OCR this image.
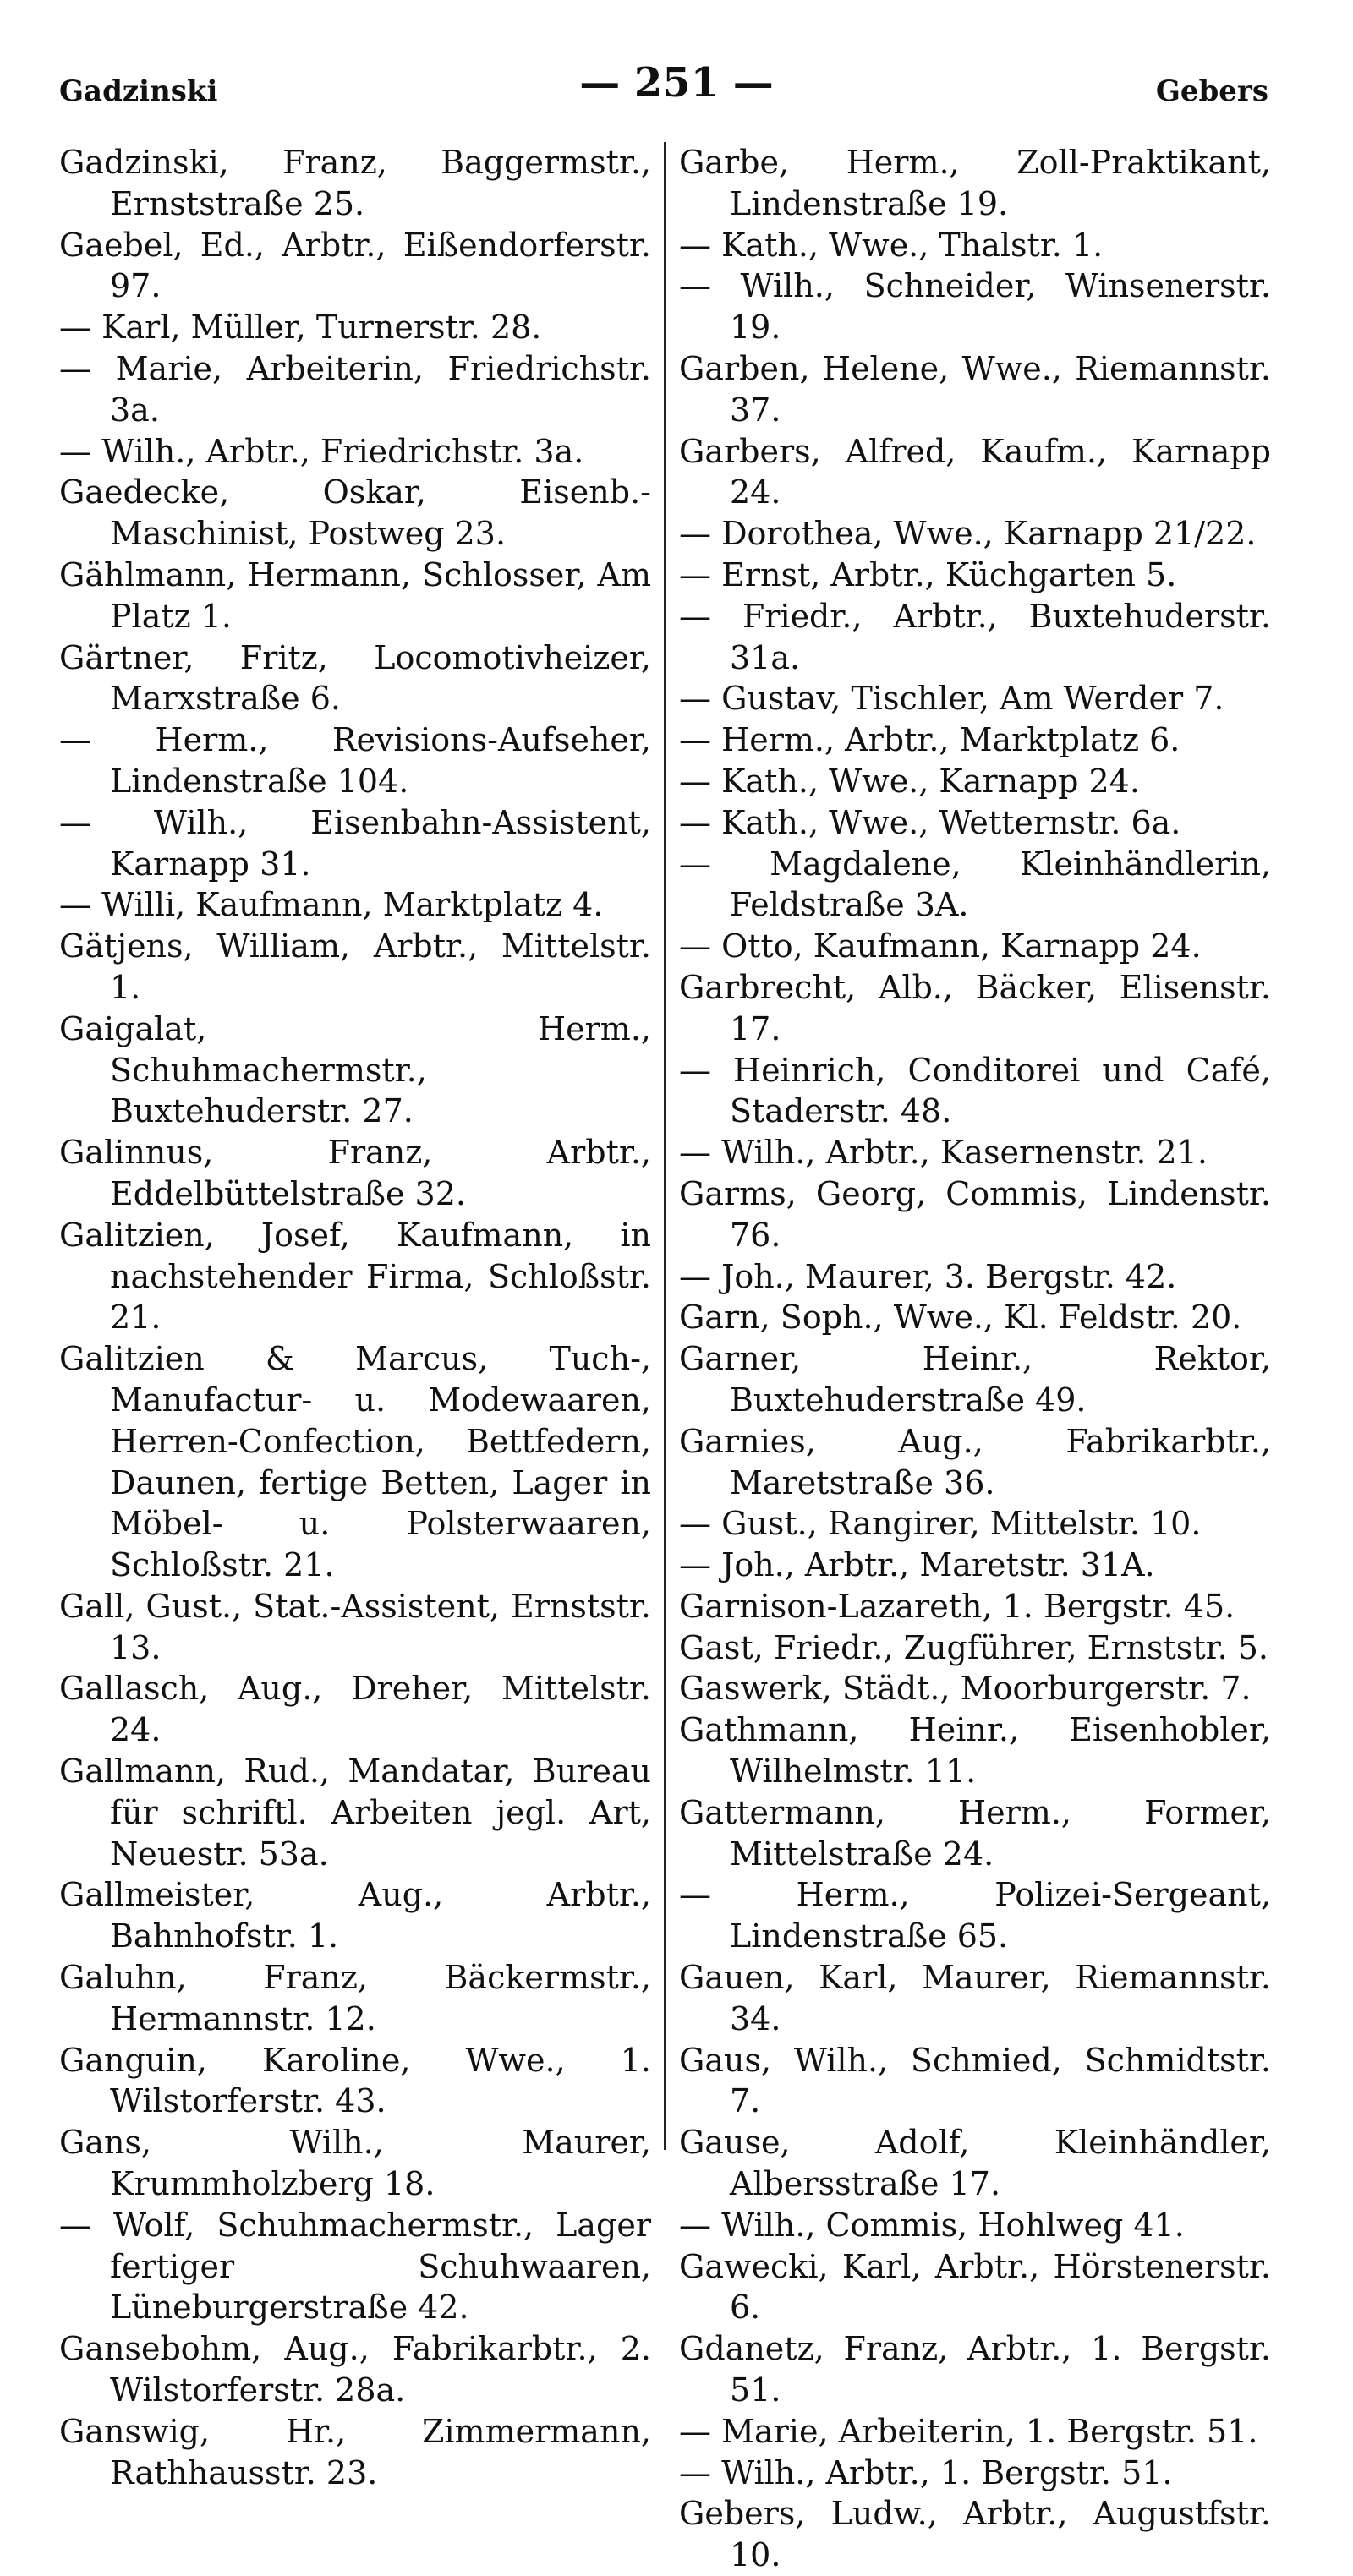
Gadzinski	— 251 —	Gebers

Gadzinski, Franz, Baggermstr., Ernststraße 25.

Gaebel, Ed., Arbtr., Eißendorferstr. 97.

— Karl, Müller, Turnerstr. 28.

— Marie, Arbeiterin, Friedrichstr. 3a.

— Wilh., Arbtr., Friedrichstr. 3a.

Gaedecke, Oskar, Eisenb.-Maschinist, Postweg 23.

Gählmann, Hermann, Schlosser, Am Platz 1.

Gärtner, Fritz, Locomotivheizer, Marxstraße 6.

— Herm., Revisions-Aufseher, Lindenstraße 104.

— Wilh., Eisenbahn-Assistent, Karnapp 31.

— Willi, Kaufmann, Marktplatz 4.

Gätjens, William, Arbtr., Mittelstr. 1.

Gaigalat, Herm., Schuhmachermstr., Buxtehuderstr. 27.

Galinnus, Franz, Arbtr., Eddelbüttelstraße 32.

Galitzien, Josef, Kaufmann, in nachstehender Firma, Schloßstr. 21.

Galitzien & Marcus, Tuch-, Manufactur- u. Modewaaren, Herren-Confection, Bettfedern, Daunen, fertige Betten, Lager in Möbel- u. Polsterwaaren, Schloßstr. 21.

Gall, Gust., Stat.-Assistent, Ernststr. 13.

Gallasch, Aug., Dreher, Mittelstr. 24.

Gallmann, Rud., Mandatar, Bureau für schriftl. Arbeiten jegl. Art, Neuestr. 53a.

Gallmeister, Aug., Arbtr., Bahnhofstr. 1.

Galuhn, Franz, Bäckermstr., Hermannstr. 12.

Ganguin, Karoline, Wwe., 1. Wilstorferstr. 43.

Gans, Wilh., Maurer, Krummholzberg 18.

— Wolf, Schuhmachermstr., Lager fertiger Schuhwaaren, Lüneburgerstraße 42.

Gansebohm, Aug., Fabrikarbtr., 2. Wilstorferstr. 28a.

Ganswig, Hr., Zimmermann, Rathhausstr. 23.

Garbe, Herm., Zoll-Praktikant, Lindenstraße 19.

— Kath., Wwe., Thalstr. 1.

— Wilh., Schneider, Winsenerstr. 19.

Garben, Helene, Wwe., Riemannstr. 37.

Garbers, Alfred, Kaufm., Karnapp 24.

— Dorothea, Wwe., Karnapp 21/22.

— Ernst, Arbtr., Küchgarten 5.

— Friedr., Arbtr., Buxtehuderstr. 31a.

— Gustav, Tischler, Am Werder 7.

— Herm., Arbtr., Marktplatz 6.

— Kath., Wwe., Karnapp 24.

— Kath., Wwe., Wetternstr. 6a.

— Magdalene, Kleinhändlerin, Feldstraße 3A.

— Otto, Kaufmann, Karnapp 24.

Garbrecht, Alb., Bäcker, Elisenstr. 17.

— Heinrich, Conditorei und Café, Staderstr. 48.

— Wilh., Arbtr., Kasernenstr. 21.

Garms, Georg, Commis, Lindenstr. 76.

— Joh., Maurer, 3. Bergstr. 42.

Garn, Soph., Wwe., Kl. Feldstr. 20.

Garner, Heinr., Rektor, Buxtehuderstraße 49.

Garnies, Aug., Fabrikarbtr., Maretstraße 36.

— Gust., Rangirer, Mittelstr. 10.

— Joh., Arbtr., Maretstr. 31A.

Garnison-Lazareth, 1. Bergstr. 45.

Gast, Friedr., Zugführer, Ernststr. 5.

Gaswerk, Städt., Moorburgerstr. 7.

Gathmann, Heinr., Eisenhobler, Wilhelmstr. 11.

Gattermann, Herm., Former, Mittelstraße 24.

— Herm., Polizei-Sergeant, Lindenstraße 65.

Gauen, Karl, Maurer, Riemannstr. 34.

Gaus, Wilh., Schmied, Schmidtstr. 7.

Gause, Adolf, Kleinhändler, Albersstraße 17.

— Wilh., Commis, Hohlweg 41.

Gawecki, Karl, Arbtr., Hörstenerstr. 6.

Gdanetz, Franz, Arbtr., 1. Bergstr. 51.

— Marie, Arbeiterin, 1. Bergstr. 51.

— Wilh., Arbtr., 1. Bergstr. 51.

Gebers, Ludw., Arbtr., Augustfstr. 10.
